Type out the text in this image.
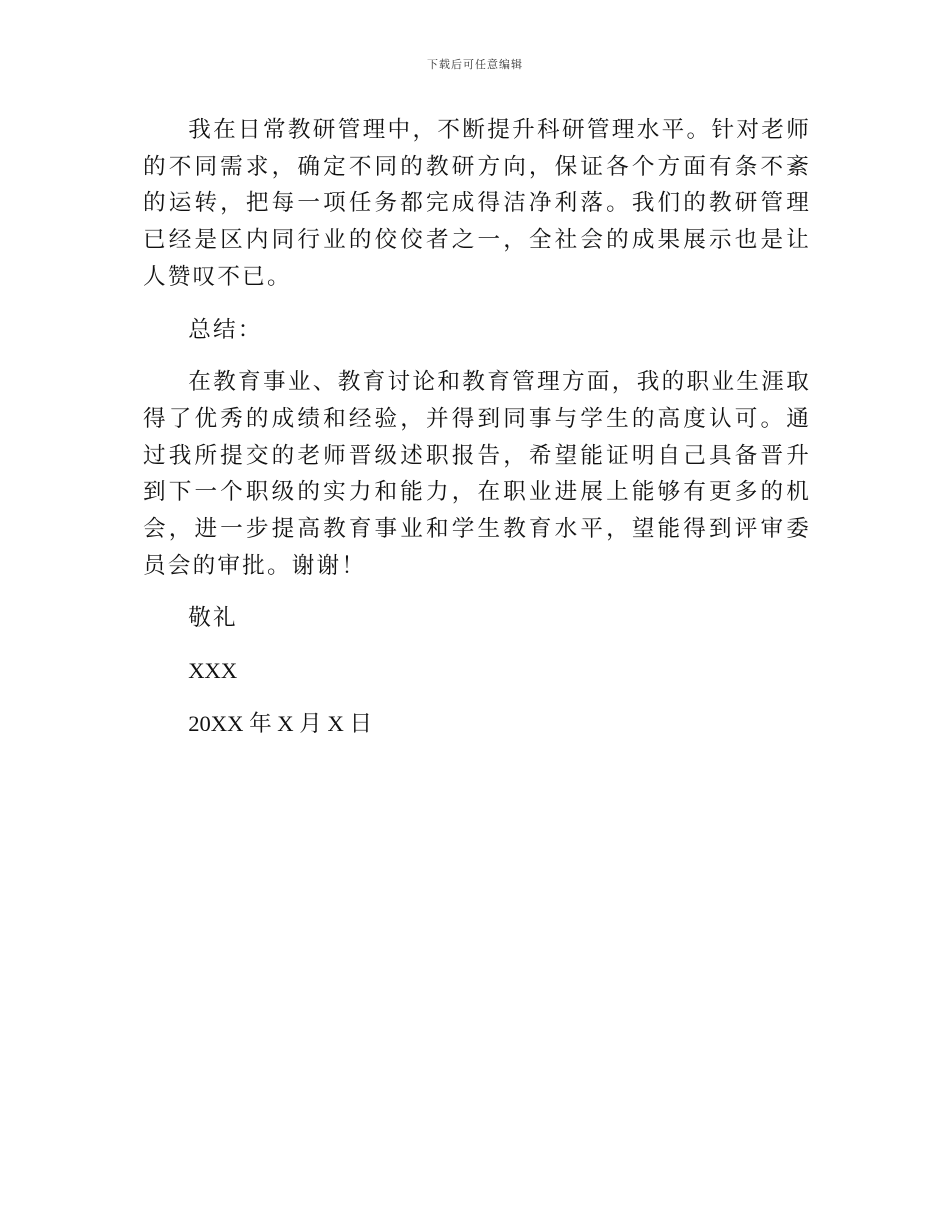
下载后可任意编辑

我在日常教研管理中，不断提升科研管理水平。针对老师的不同需求，确定不同的教研方向，保证各个方面有条不紊的运转，把每一项任务都完成得洁净利落。我们的教研管理已经是区内同行业的佼佼者之一，全社会的成果展示也是让人赞叹不已。

总结：

在教育事业、教育讨论和教育管理方面，我的职业生涯取得了优秀的成绩和经验，并得到同事与学生的高度认可。通过我所提交的老师晋级述职报告，希望能证明自己具备晋升到下一个职级的实力和能力，在职业进展上能够有更多的机会，进一步提高教育事业和学生教育水平，望能得到评审委员会的审批。谢谢！

敬礼

XXX

20XX 年 X 月 X 日
